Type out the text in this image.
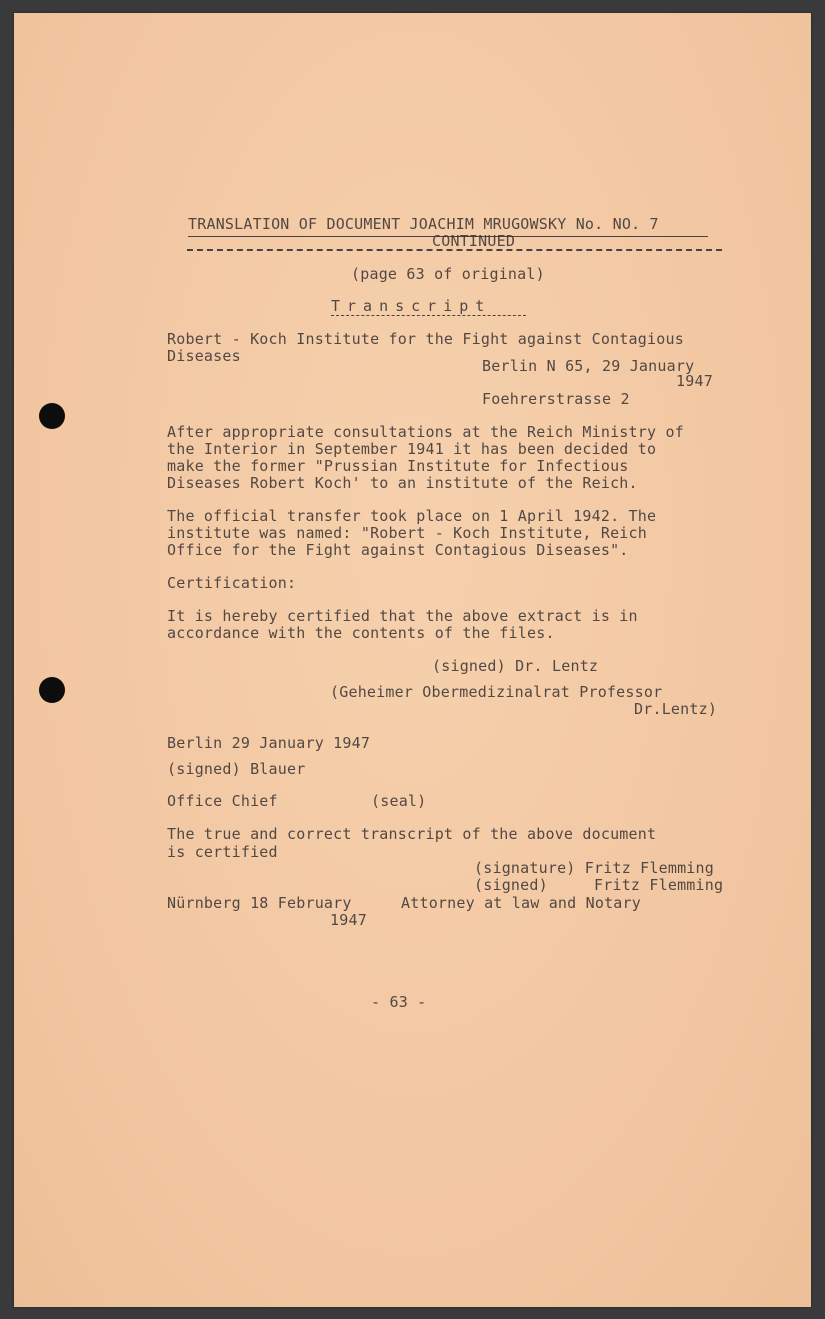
TRANSLATION OF DOCUMENT JOACHIM MRUGOWSKY No. NO. 7
CONTINUED
(page 63 of original)
Transcript
Robert - Koch Institute for the Fight against Contagious
Diseases
Berlin N 65, 29 January
1947
Foehrerstrasse 2
After appropriate consultations at the Reich Ministry of
the Interior in September 1941 it has been decided to
make the former "Prussian Institute for Infectious
Diseases Robert Koch' to an institute of the Reich.
The official transfer took place on 1 April 1942. The
institute was named: "Robert - Koch Institute, Reich
Office for the Fight against Contagious Diseases".
Certification:
It is hereby certified that the above extract is in
accordance with the contents of the files.
(signed) Dr. Lentz
(Geheimer Obermedizinalrat Professor
Dr.Lentz)
Berlin 29 January 1947
(signed) Blauer
Office Chief	(seal)
The true and correct transcript of the above document
is certified
(signature) Fritz Flemming
(signed)     Fritz Flemming
Nürnberg 18 February
1947
Attorney at law and Notary
- 63 -
